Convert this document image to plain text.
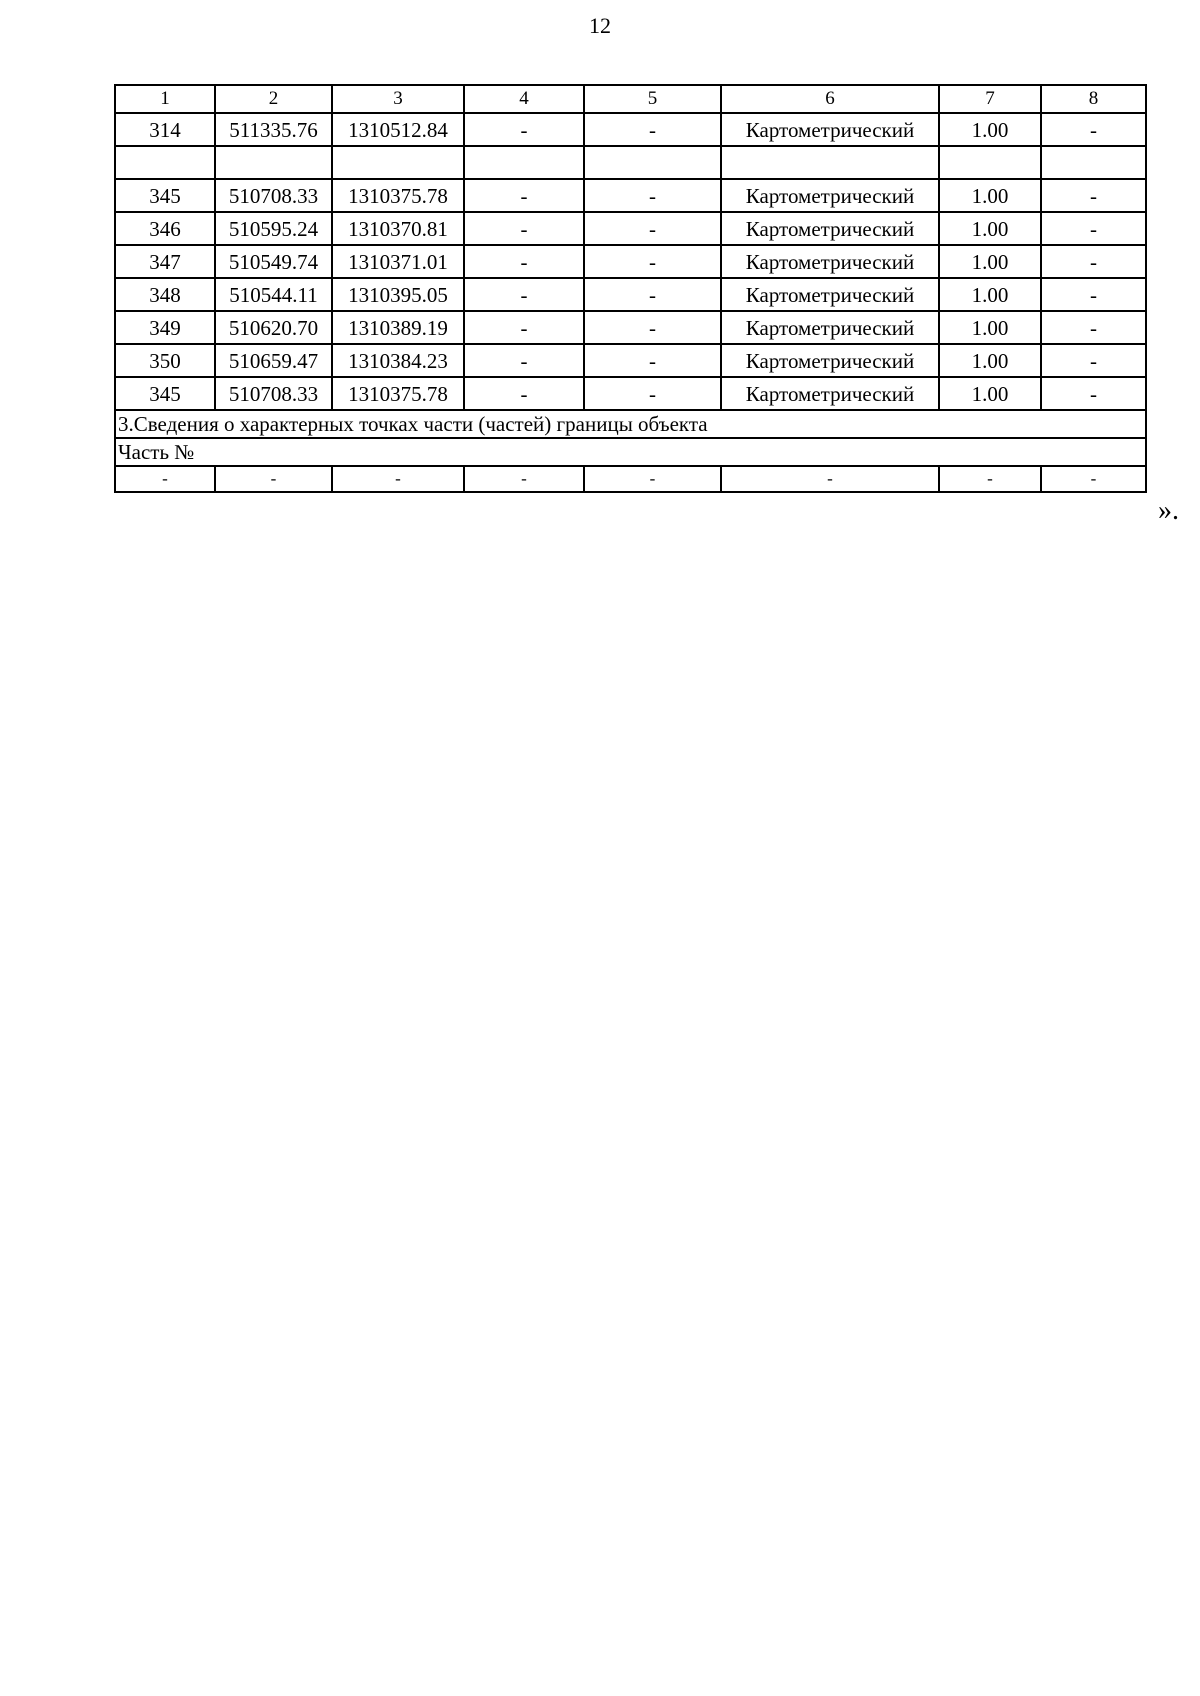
12
1	2	3	4	5	6	7	8
314	511335.76	1310512.84	-	-	Картометрический	1.00	-

345	510708.33	1310375.78	-	-	Картометрический	1.00	-
346	510595.24	1310370.81	-	-	Картометрический	1.00	-
347	510549.74	1310371.01	-	-	Картометрический	1.00	-
348	510544.11	1310395.05	-	-	Картометрический	1.00	-
349	510620.70	1310389.19	-	-	Картометрический	1.00	-
350	510659.47	1310384.23	-	-	Картометрический	1.00	-
345	510708.33	1310375.78	-	-	Картометрический	1.00	-
3.Сведения о характерных точках части (частей) границы объекта							
Часть №							
-	-	-	-	-	-	-	-
».
